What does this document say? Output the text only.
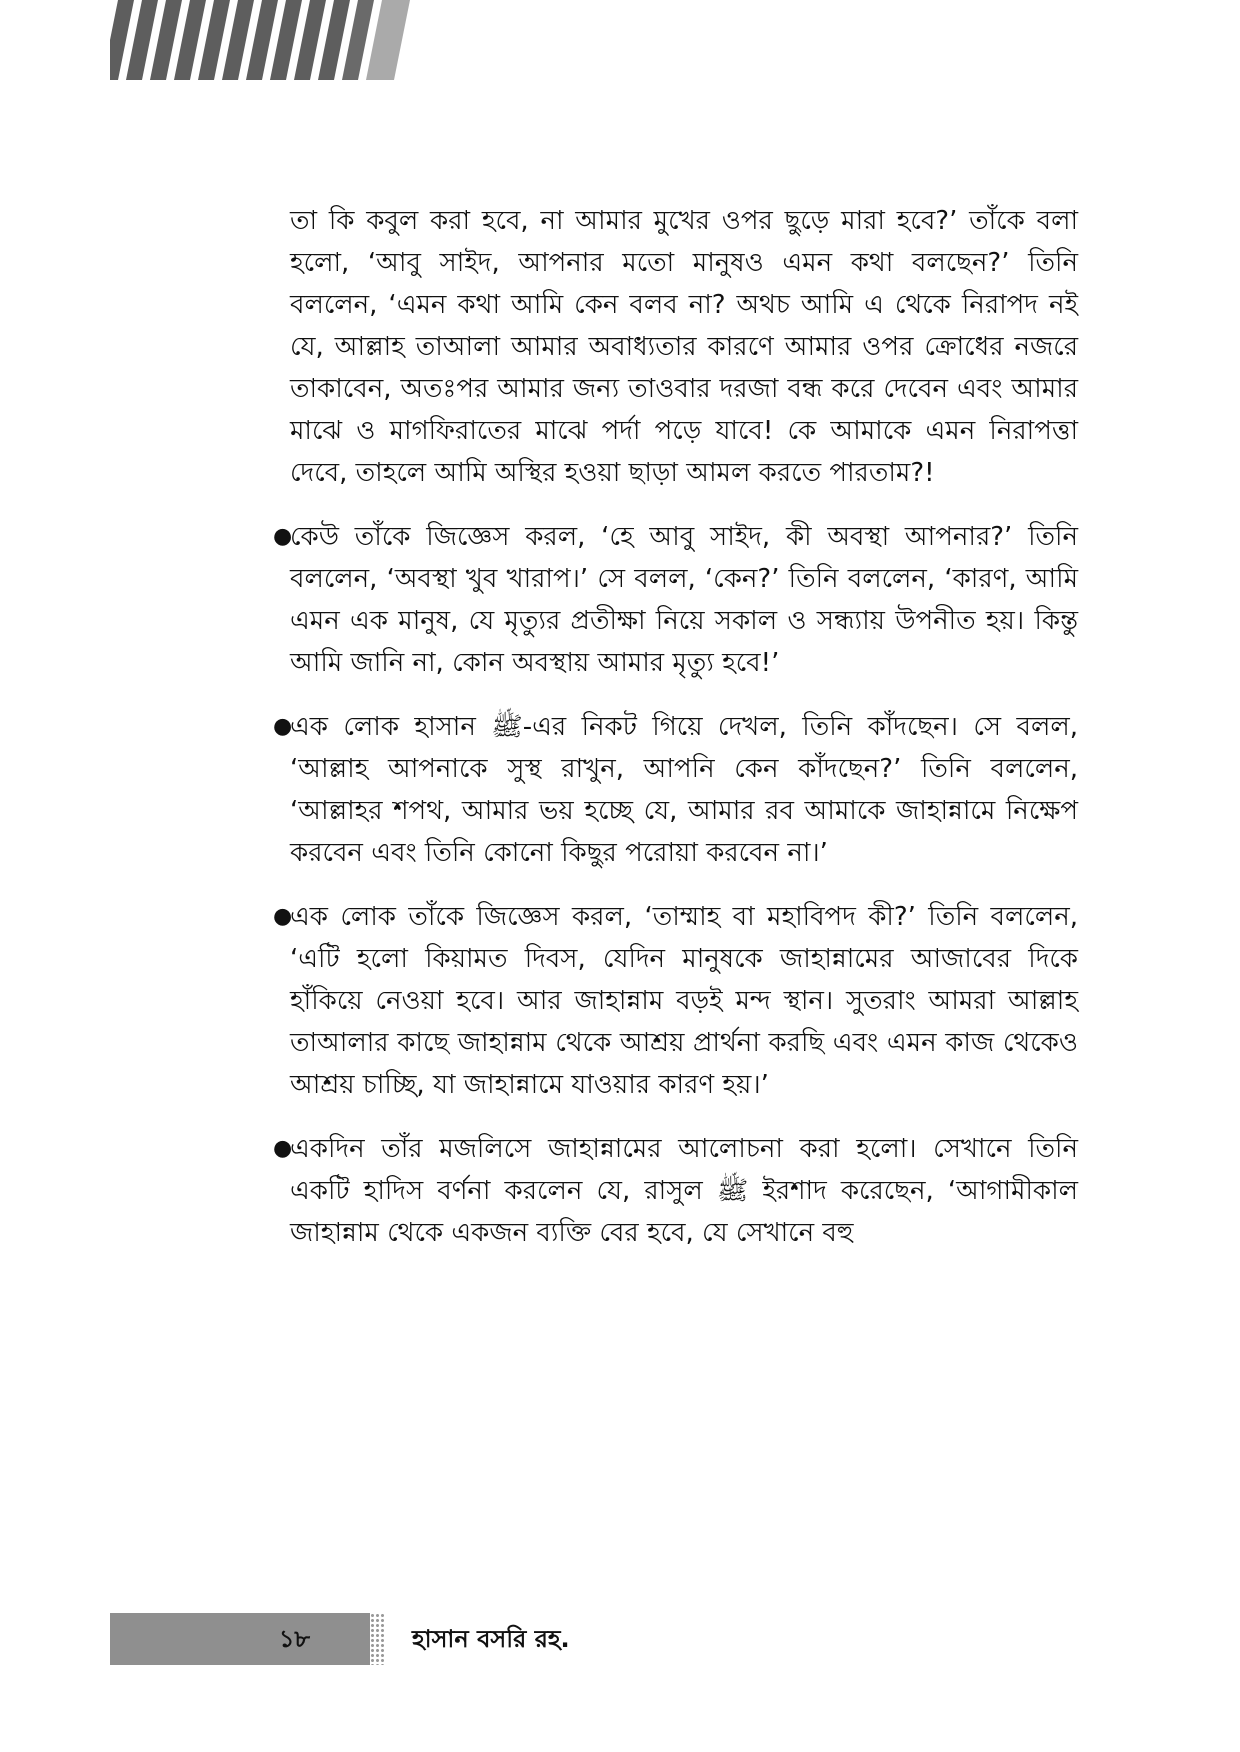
তা কি কবুল করা হবে, না আমার মুখের ওপর ছুড়ে মারা হবে?’ তাঁকে বলা হলো, ‘আবু সাইদ, আপনার মতো মানুষও এমন কথা বলছেন?’ তিনি বললেন, ‘এমন কথা আমি কেন বলব না? অথচ আমি এ থেকে নিরাপদ নই যে, আল্লাহ তাআলা আমার অবাধ্যতার কারণে আমার ওপর ক্রোধের নজরে তাকাবেন, অতঃপর আমার জন্য তাওবার দরজা বন্ধ করে দেবেন এবং আমার মাঝে ও মাগফিরাতের মাঝে পর্দা পড়ে যাবে! কে আমাকে এমন নিরাপত্তা দেবে, তাহলে আমি অস্থির হওয়া ছাড়া আমল করতে পারতাম?!

●
কেউ তাঁকে জিজ্ঞেস করল, ‘হে আবু সাইদ, কী অবস্থা আপনার?’ তিনি বললেন, ‘অবস্থা খুব খারাপ।’ সে বলল, ‘কেন?’ তিনি বললেন, ‘কারণ, আমি এমন এক মানুষ, যে মৃত্যুর প্রতীক্ষা নিয়ে সকাল ও সন্ধ্যায় উপনীত হয়। কিন্তু আমি জানি না, কোন অবস্থায় আমার মৃত্যু হবে!’
●
এক লোক হাসান ﷺ-এর নিকট গিয়ে দেখল, তিনি কাঁদছেন। সে বলল, ‘আল্লাহ আপনাকে সুস্থ রাখুন, আপনি কেন কাঁদছেন?’ তিনি বললেন, ‘আল্লাহর শপথ, আমার ভয় হচ্ছে যে, আমার রব আমাকে জাহান্নামে নিক্ষেপ করবেন এবং তিনি কোনো কিছুর পরোয়া করবেন না।’
●
এক লোক তাঁকে জিজ্ঞেস করল, ‘তাম্মাহ বা মহাবিপদ কী?’ তিনি বললেন, ‘এটি হলো কিয়ামত দিবস, যেদিন মানুষকে জাহান্নামের আজাবের দিকে হাঁকিয়ে নেওয়া হবে। আর জাহান্নাম বড়ই মন্দ স্থান। সুতরাং আমরা আল্লাহ তাআলার কাছে জাহান্নাম থেকে আশ্রয় প্রার্থনা করছি এবং এমন কাজ থেকেও আশ্রয় চাচ্ছি, যা জাহান্নামে যাওয়ার কারণ হয়।’
●
একদিন তাঁর মজলিসে জাহান্নামের আলোচনা করা হলো। সেখানে তিনি একটি হাদিস বর্ণনা করলেন যে, রাসুল ﷺ ইরশাদ করেছেন, ‘আগামীকাল জাহান্নাম থেকে একজন ব্যক্তি বের হবে, যে সেখানে বহু
১৮	হাসান বসরি রহ.
